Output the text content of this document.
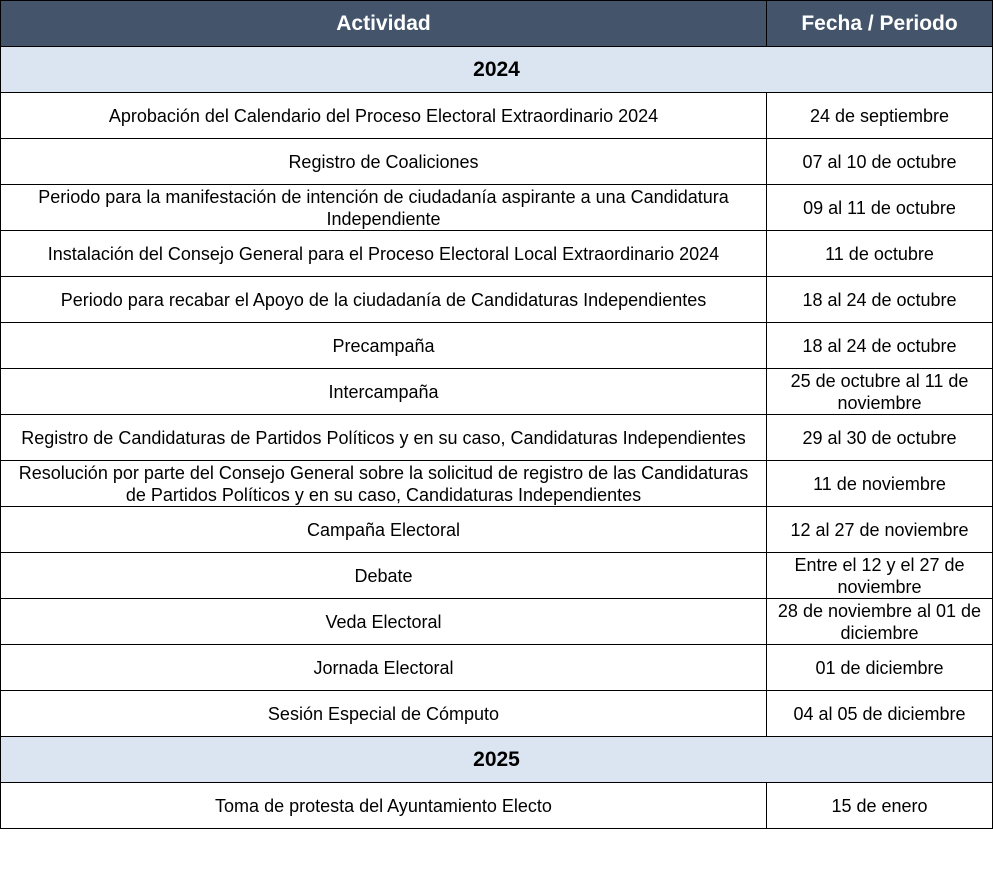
Actividad	Fecha / Periodo
2024	
Aprobación del Calendario del Proceso Electoral Extraordinario 2024	24 de septiembre
Registro de Coaliciones	07 al 10 de octubre
Periodo para la manifestación de intención de ciudadanía aspirante a una Candidatura Independiente	09 al 11 de octubre
Instalación del Consejo General para el Proceso Electoral Local Extraordinario 2024	11 de octubre
Periodo para recabar el Apoyo de la ciudadanía de Candidaturas Independientes	18 al 24 de octubre
Precampaña	18 al 24 de octubre
Intercampaña	25 de octubre al 11 de noviembre
Registro de Candidaturas de Partidos Políticos y en su caso, Candidaturas Independientes	29 al 30 de octubre
Resolución por parte del Consejo General sobre la solicitud de registro de las Candidaturas de Partidos Políticos y en su caso, Candidaturas Independientes	11 de noviembre
Campaña Electoral	12 al 27 de noviembre
Debate	Entre el 12 y el 27 de noviembre
Veda Electoral	28 de noviembre al 01 de diciembre
Jornada Electoral	01 de diciembre
Sesión Especial de Cómputo	04 al 05 de diciembre
2025	
Toma de protesta del Ayuntamiento Electo	15 de enero
